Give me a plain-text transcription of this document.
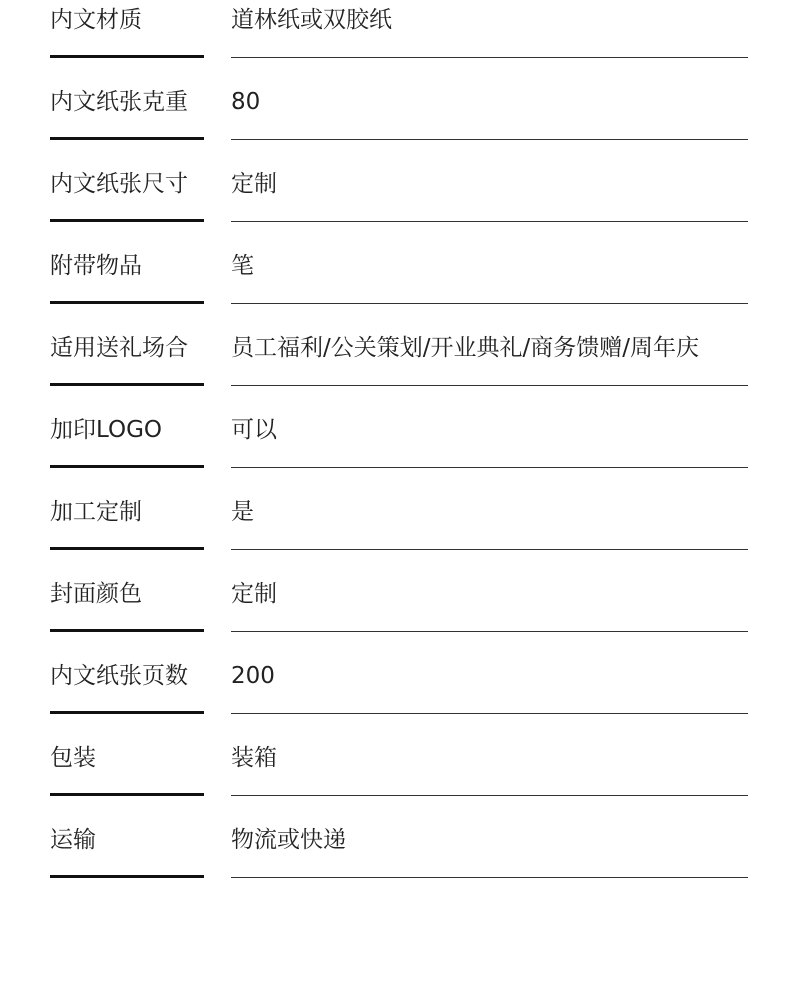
内文材质	道林纸或双胶纸
内文纸张克重	80
内文纸张尺寸	定制
附带物品	笔
适用送礼场合	员工福利/公关策划/开业典礼/商务馈赠/周年庆
加印LOGO	可以
加工定制	是
封面颜色	定制
内文纸张页数	200
包装	装箱
运输	物流或快递
